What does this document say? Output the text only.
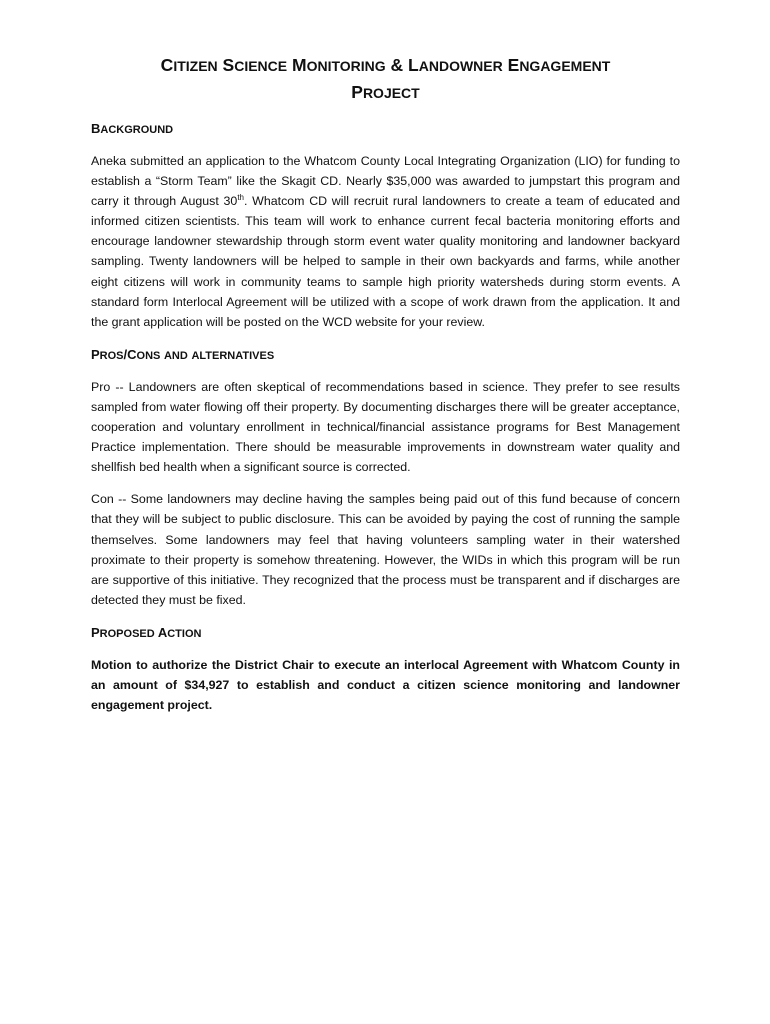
CITIZEN SCIENCE MONITORING & LANDOWNER ENGAGEMENT
PROJECT
BACKGROUND

Aneka submitted an application to the Whatcom County Local Integrating Organization (LIO) for funding to establish a “Storm Team” like the Skagit CD. Nearly $35,000 was awarded to jumpstart this program and carry it through August 30th. Whatcom CD will recruit rural landowners to create a team of educated and informed citizen scientists. This team will work to enhance current fecal bacteria monitoring efforts and encourage landowner stewardship through storm event water quality monitoring and landowner backyard sampling. Twenty landowners will be helped to sample in their own backyards and farms, while another eight citizens will work in community teams to sample high priority watersheds during storm events. A standard form Interlocal Agreement will be utilized with a scope of work drawn from the application. It and the grant application will be posted on the WCD website for your review.

PROS/CONS AND ALTERNATIVES

Pro -- Landowners are often skeptical of recommendations based in science. They prefer to see results sampled from water flowing off their property. By documenting discharges there will be greater acceptance, cooperation and voluntary enrollment in technical/financial assistance programs for Best Management Practice implementation. There should be measurable improvements in downstream water quality and shellfish bed health when a significant source is corrected.

Con -- Some landowners may decline having the samples being paid out of this fund because of concern that they will be subject to public disclosure. This can be avoided by paying the cost of running the sample themselves. Some landowners may feel that having volunteers sampling water in their watershed proximate to their property is somehow threatening. However, the WIDs in which this program will be run are supportive of this initiative. They recognized that the process must be transparent and if discharges are detected they must be fixed.

PROPOSED ACTION

Motion to authorize the District Chair to execute an interlocal Agreement with Whatcom County in an amount of $34,927 to establish and conduct a citizen science monitoring and landowner engagement project.
